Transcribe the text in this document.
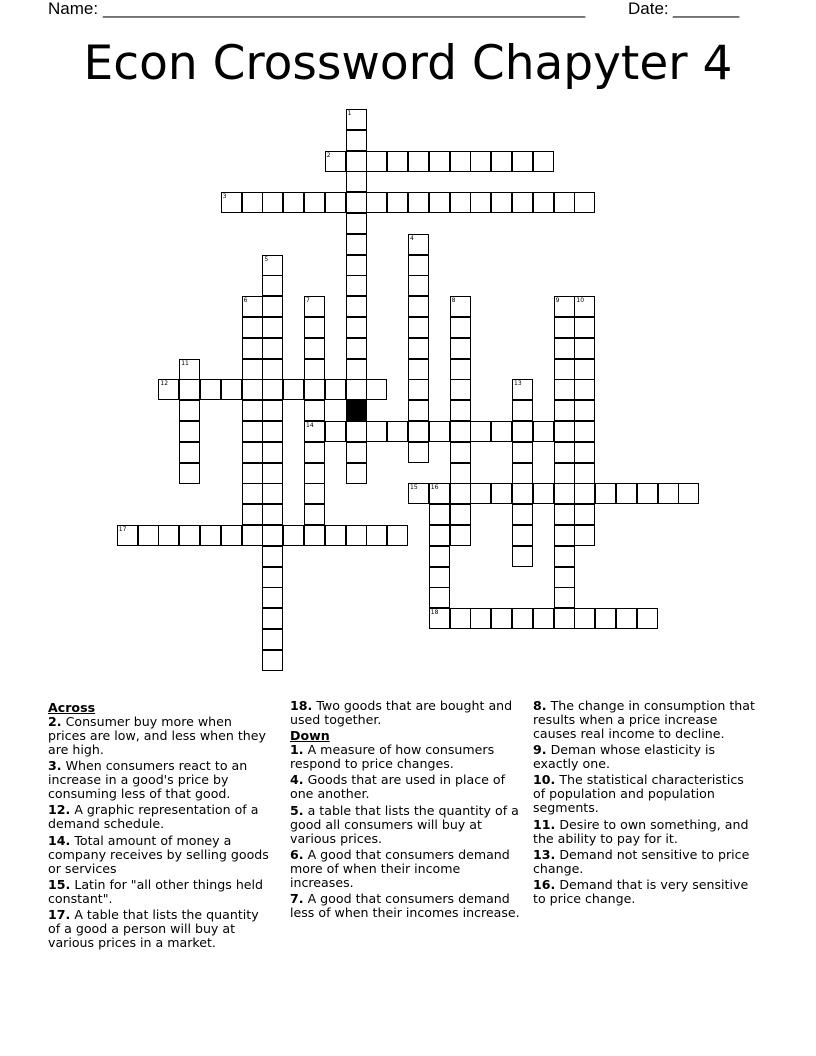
Name: ___________________________________________________	Date: _______
Econ Crossword Chapyter 4
1
2
3
4
5
6	7
14
8	9	10
11
12	13
15 16
18
17
Across
2. Consumer buy more when prices are low, and less when they are high.
3. When consumers react to an increase in a good's price by consuming less of that good.
12. A graphic representation of a demand schedule.
14. Total amount of money a company receives by selling goods or services
15. Latin for "all other things held constant".
17. A table that lists the quantity of a good a person will buy at various prices in a market.
18. Two goods that are bought and used together.
Down
1. A measure of how consumers respond to price changes.
4. Goods that are used in place of one another.
5. a table that lists the quantity of a good all consumers will buy at various prices.
6. A good that consumers demand more of when their income increases.
7. A good that consumers demand less of when their incomes increase.
8. The change in consumption that results when a price increase causes real income to decline.
9. Deman whose elasticity is exactly one.
10. The statistical characteristics of population and population segments.
11. Desire to own something, and the ability to pay for it.
13. Demand not sensitive to price change.
16. Demand that is very sensitive to price change.
